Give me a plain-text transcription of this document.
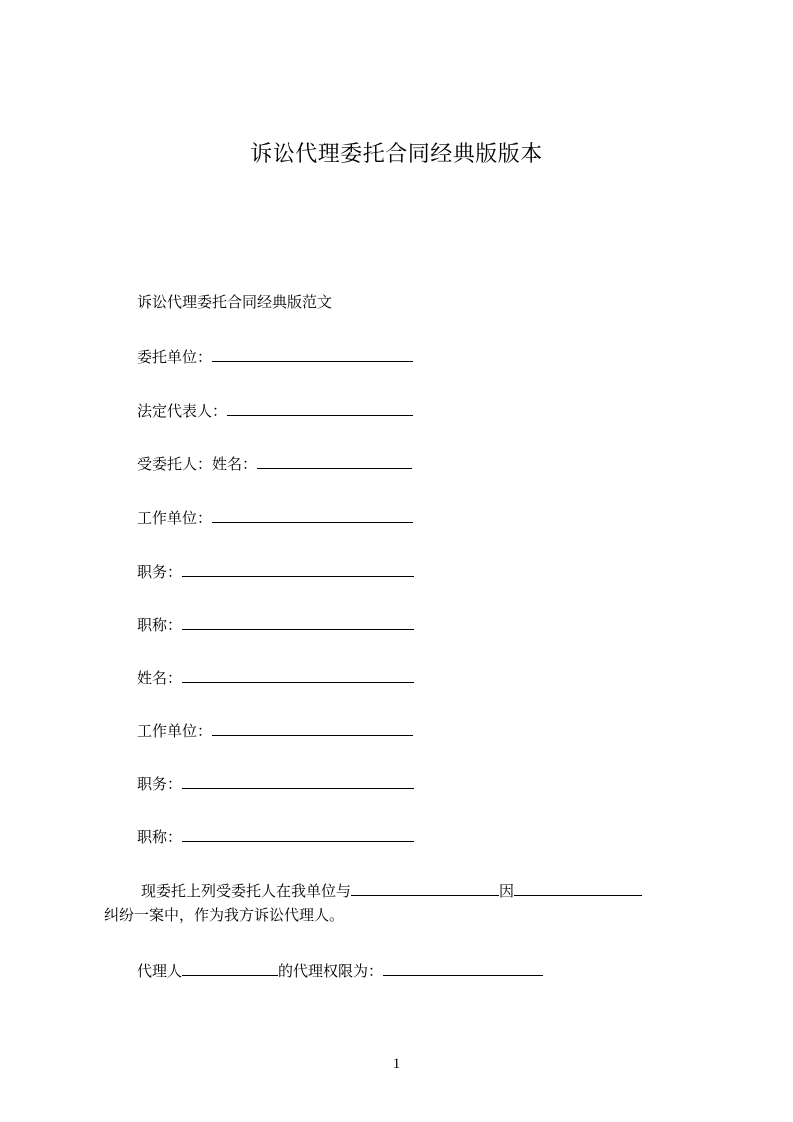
诉讼代理委托合同经典版版本
诉讼代理委托合同经典版范文
委托单位：
法定代表人：
受委托人：姓名：
工作单位：
职务：
职称：
姓名：
工作单位：
职务：
职称：
现委托上列受委托人在我单位与	因
纠纷一案中，作为我方诉讼代理人。
代理人	的代理权限为：
1
